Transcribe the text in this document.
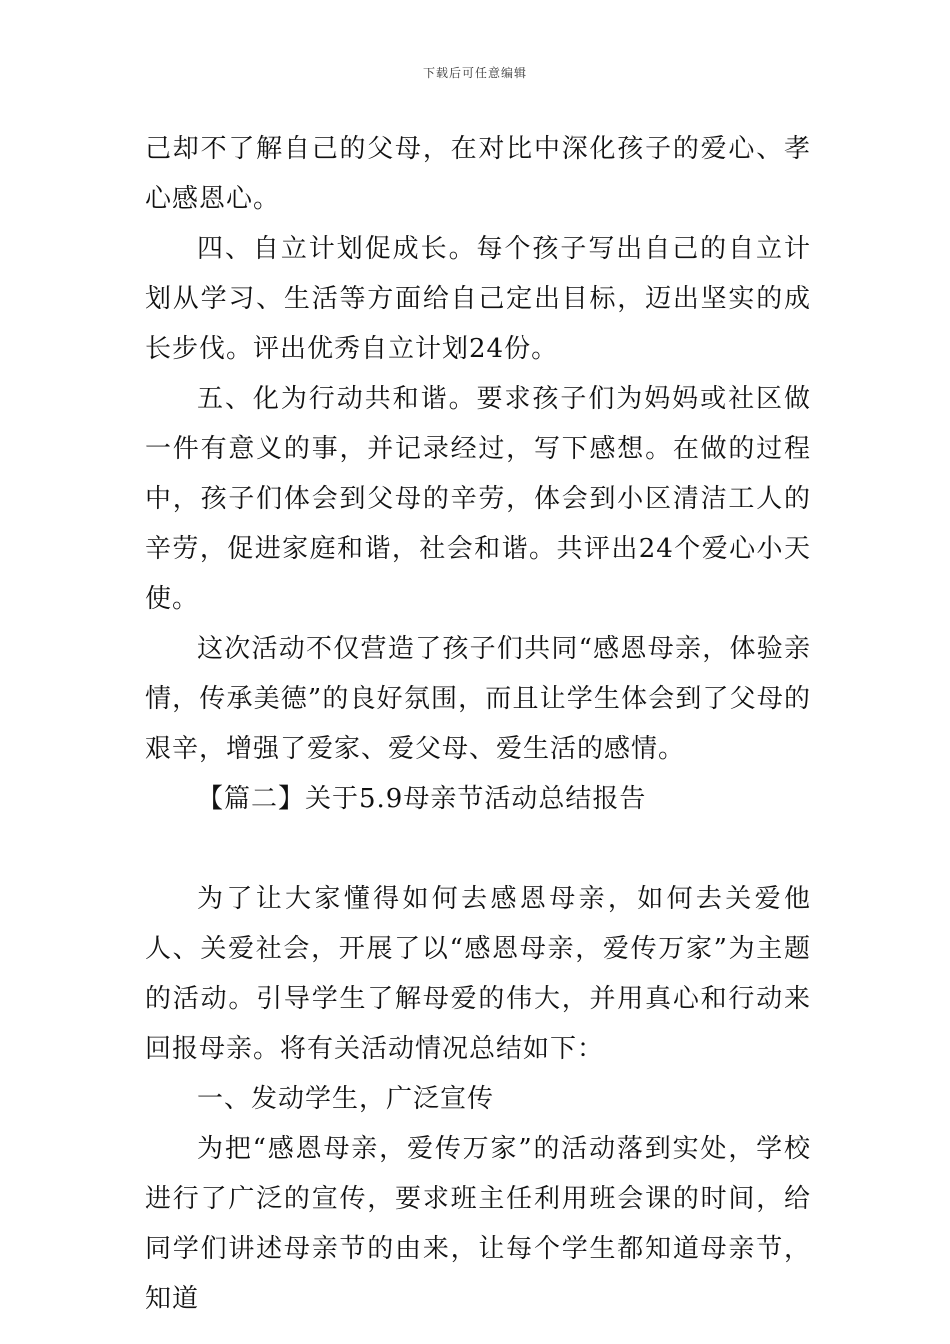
下载后可任意编辑

己却不了解自己的父母，在对比中深化孩子的爱心、孝心感恩心。

四、自立计划促成长。每个孩子写出自己的自立计划从学习、生活等方面给自己定出目标，迈出坚实的成长步伐。评出优秀自立计划24份。

五、化为行动共和谐。要求孩子们为妈妈或社区做一件有意义的事，并记录经过，写下感想。在做的过程中，孩子们体会到父母的辛劳，体会到小区清洁工人的辛劳，促进家庭和谐，社会和谐。共评出24个爱心小天使。

这次活动不仅营造了孩子们共同“感恩母亲，体验亲情，传承美德”的良好氛围，而且让学生体会到了父母的艰辛，增强了爱家、爱父母、爱生活的感情。

【篇二】关于5.9母亲节活动总结报告

为了让大家懂得如何去感恩母亲，如何去关爱他人、关爱社会，开展了以“感恩母亲，爱传万家”为主题的活动。引导学生了解母爱的伟大，并用真心和行动来回报母亲。将有关活动情况总结如下：

一、发动学生，广泛宣传

为把“感恩母亲，爱传万家”的活动落到实处，学校进行了广泛的宣传，要求班主任利用班会课的时间，给同学们讲述母亲节的由来，让每个学生都知道母亲节，知道
